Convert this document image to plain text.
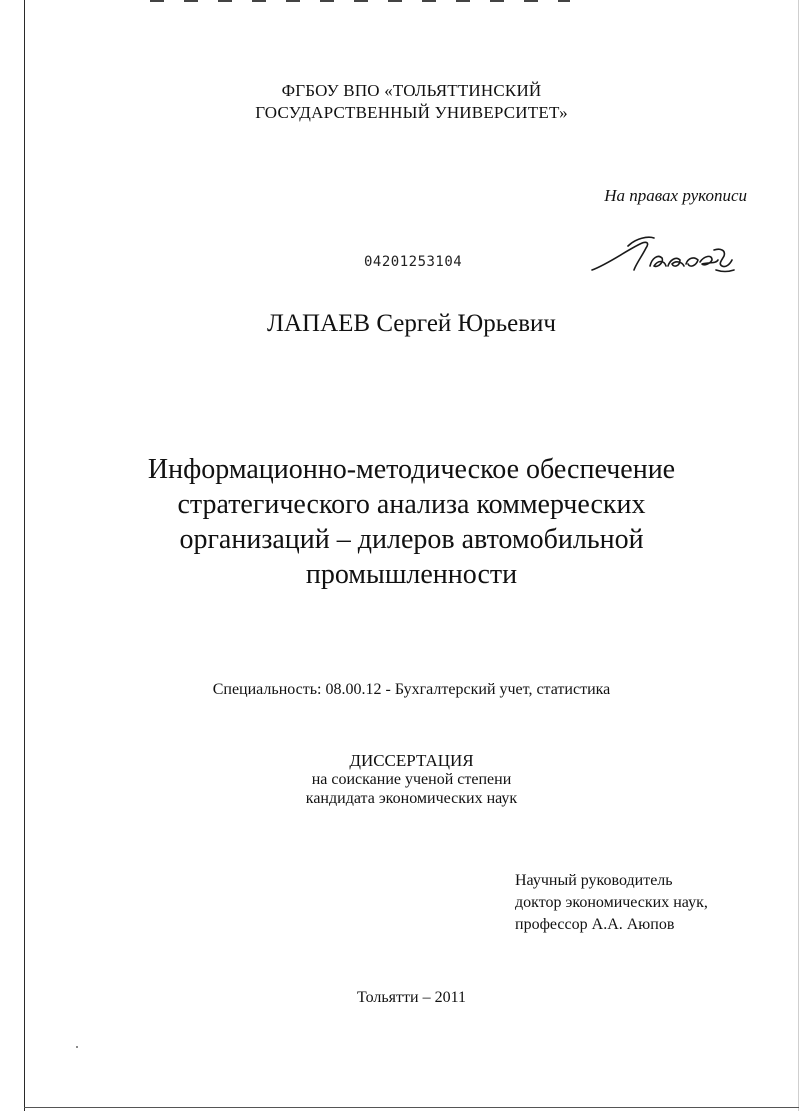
ФГБОУ ВПО «ТОЛЬЯТТИНСКИЙ
ГОСУДАРСТВЕННЫЙ УНИВЕРСИТЕТ»
На правах рукописи
04201253104
ЛАПАЕВ Сергей Юрьевич
Информационно-методическое обеспечение
стратегического анализа коммерческих
организаций – дилеров автомобильной
промышленности
Специальность: 08.00.12 - Бухгалтерский учет, статистика
ДИССЕРТАЦИЯ
на соискание ученой степени
кандидата экономических наук
Научный руководитель
доктор экономических наук,
профессор А.А. Аюпов
Тольятти – 2011
